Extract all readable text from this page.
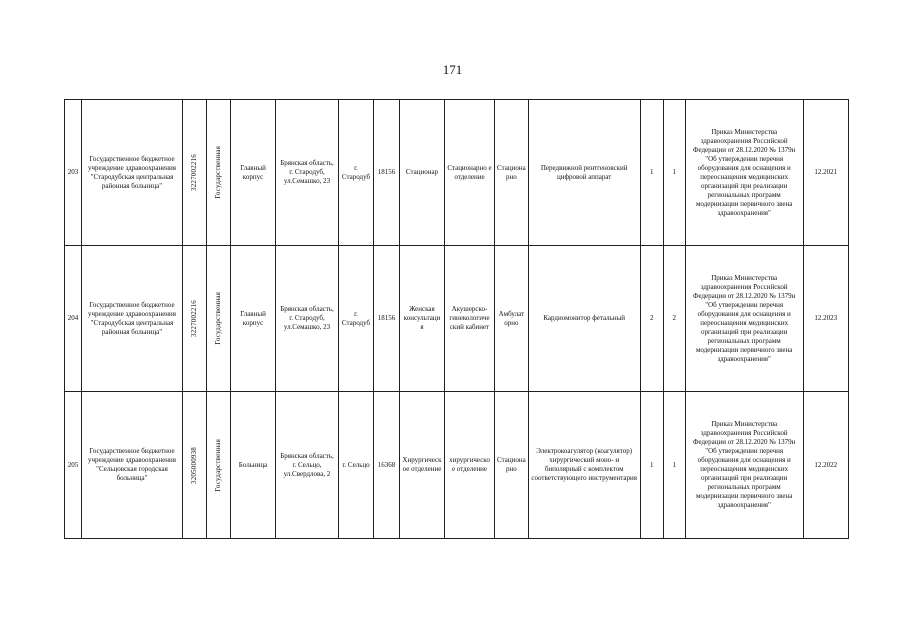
171
203	Государственное бюджетное учреждение здравоохранения "Стародубская центральная районная больница"	3227002216	Государственная	Главный корпус	Брянская область, г. Стародуб, ул.Семашко, 23	г. Стародуб	18156	Стационар	Стационарно е отделение	Стациона рно	Передвижной рентгеновский цифровой аппарат	1	1	Приказ Министерства здравоохранения Российской Федерации от 28.12.2020 № 1379н "Об утверждении перечня оборудования для оснащения и переоснащения медицинских организаций при реализации региональных программ модернизации первичного звена здравоохранения"	12.2021
204	Государственное бюджетное учреждение здравоохранения "Стародубская центральная районная больница"	3227002216	Государственная	Главный корпус	Брянская область, г. Стародуб, ул.Семашко, 23	г. Стародуб	18156	Женская консультаци я	Акушерско-гинекологиче ский кабинет	Амбулат орно	Кардиомонитор фетальный	2	2	Приказ Министерства здравоохранения Российской Федерации от 28.12.2020 № 1379н "Об утверждении перечня оборудования для оснащения и переоснащения медицинских организаций при реализации региональных программ модернизации первичного звена здравоохранения"	12.2023
205	Государственное бюджетное учреждение здравоохранения "Сельцовская городская больница"	3205000938	Государственная	Больница	Брянская область, г. Сельцо, ул.Свердлова, 2	г. Сельцо	16368	Хирургическ ое отделение	хирургическо е отделение	Стациона рно	Электрокоагулятор (коагулятор) хирургический моно- и биполярный с комплектом соответствующего инструментария	1	1	Приказ Министерства здравоохранения Российской Федерации от 28.12.2020 № 1379н "Об утверждении перечня оборудования для оснащения и переоснащения медицинских организаций при реализации региональных программ модернизации первичного звена здравоохранения"	12.2022
